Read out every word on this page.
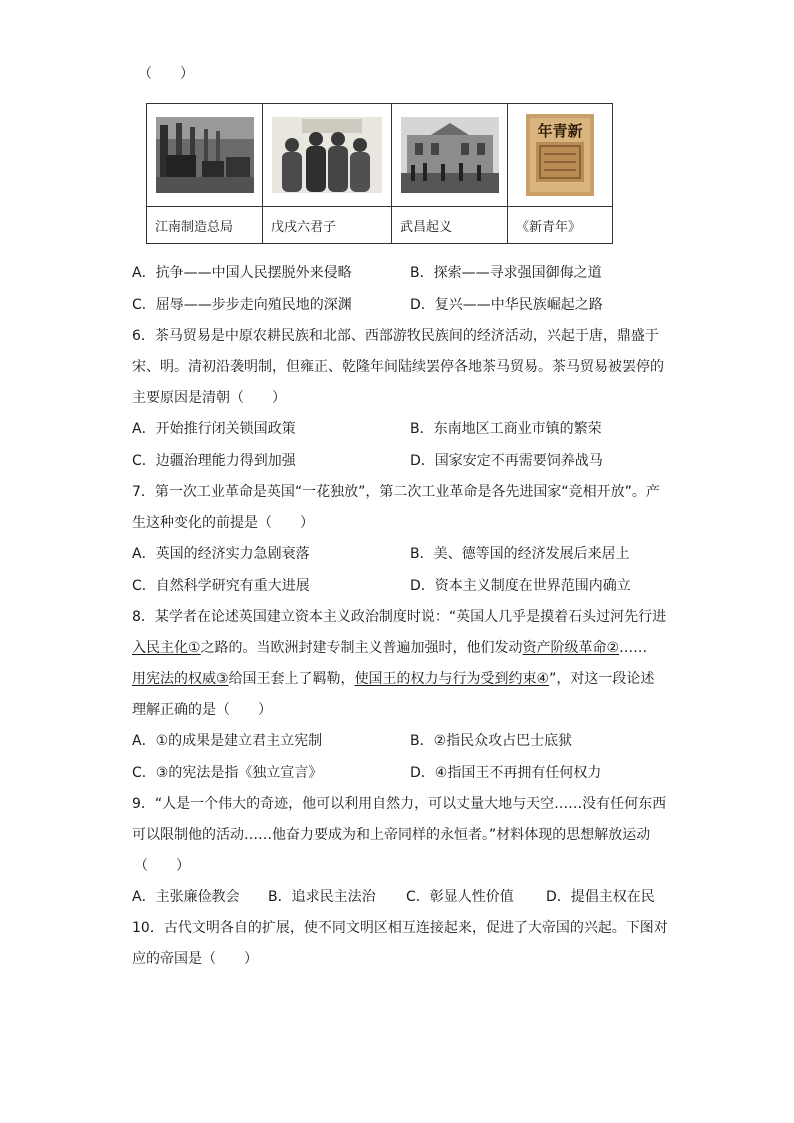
（　　）

年青新

江南制造总局	戊戌六君子	武昌起义	《新青年》
A．抗争——中国人民摆脱外来侵略	B．探索——寻求强国御侮之道
C．屈辱——步步走向殖民地的深渊	D．复兴——中华民族崛起之路
6．茶马贸易是中原农耕民族和北部、西部游牧民族间的经济活动，兴起于唐，鼎盛于
宋、明。清初沿袭明制，但雍正、乾隆年间陆续罢停各地茶马贸易。茶马贸易被罢停的
主要原因是清朝（　　）
A．开始推行闭关锁国政策	B．东南地区工商业市镇的繁荣
C．边疆治理能力得到加强	D．国家安定不再需要饲养战马
7．第一次工业革命是英国“一花独放”，第二次工业革命是各先进国家“竞相开放”。产
生这种变化的前提是（　　）
A．英国的经济实力急剧衰落	B．美、德等国的经济发展后来居上
C．自然科学研究有重大进展	D．资本主义制度在世界范围内确立
8．某学者在论述英国建立资本主义政治制度时说：“英国人几乎是摸着石头过河先行进
入民主化①之路的。当欧洲封建专制主义普遍加强时，他们发动资产阶级革命②……
用宪法的权威③给国王套上了羁勒，使国王的权力与行为受到约束④”，对这一段论述
理解正确的是（　　）
A．①的成果是建立君主立宪制	B．②指民众攻占巴士底狱
C．③的宪法是指《独立宣言》	D．④指国王不再拥有任何权力
9．“人是一个伟大的奇迹，他可以利用自然力，可以丈量大地与天空……没有任何东西
可以限制他的活动……他奋力要成为和上帝同样的永恒者。”材料体现的思想解放运动
（　　）
A．主张廉俭教会 B．追求民主法治 C．彰显人性价值 D．提倡主权在民
10．古代文明各自的扩展，使不同文明区相互连接起来，促进了大帝国的兴起。下图对
应的帝国是（　　）
